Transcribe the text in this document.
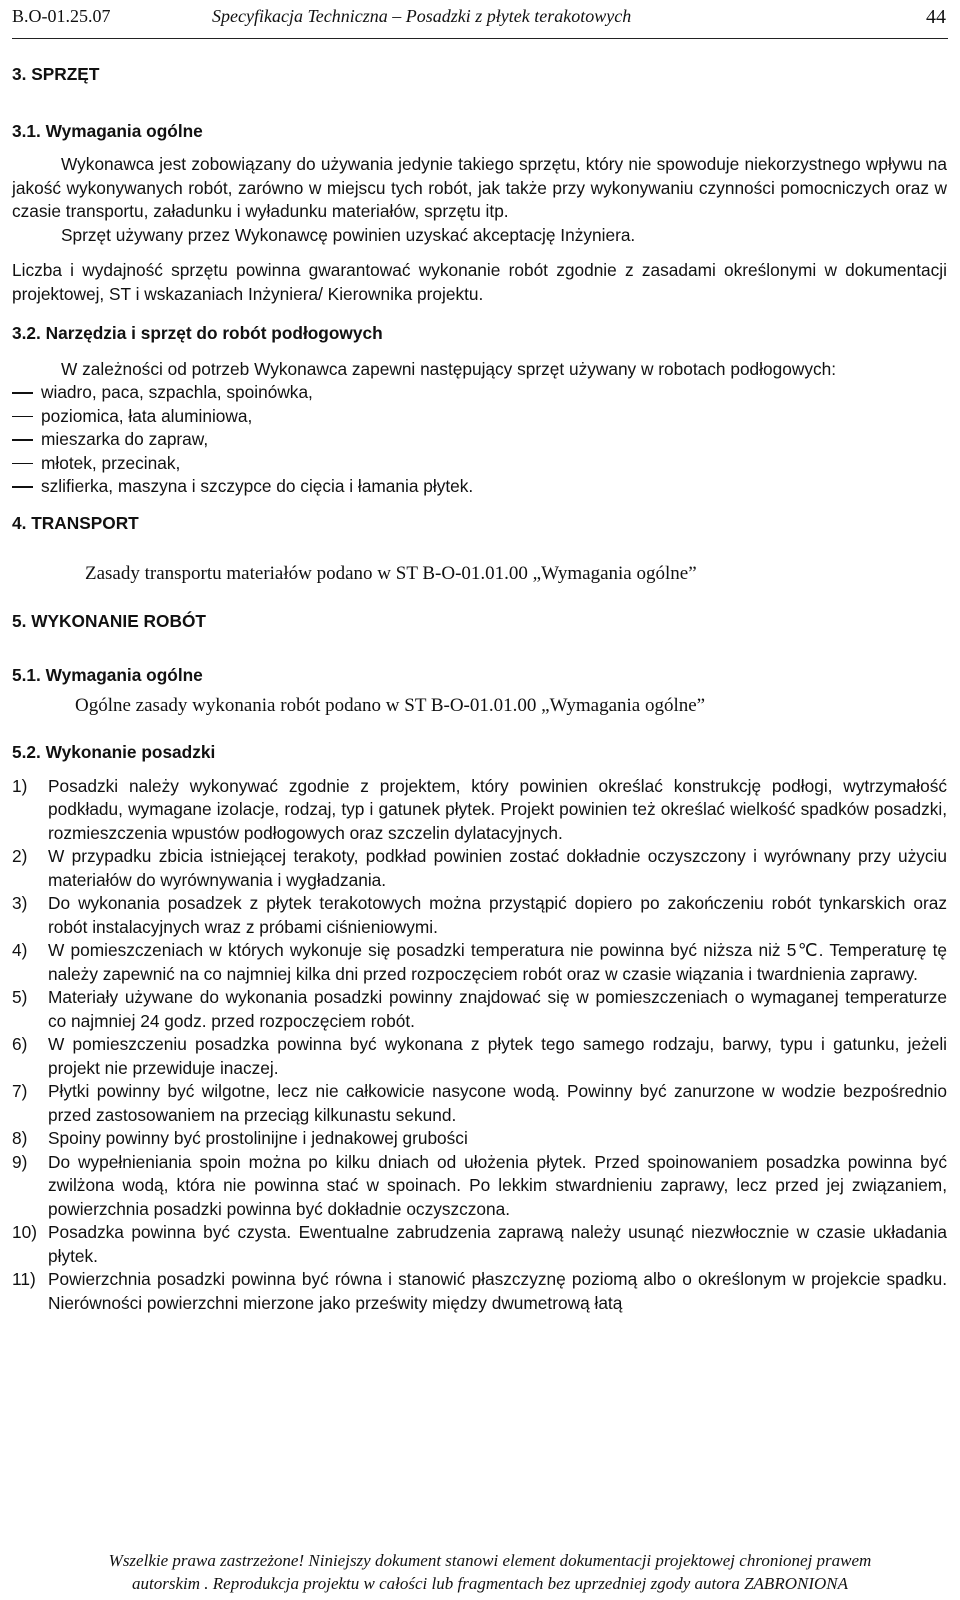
B.O-01.25.07	Specyfikacja Techniczna – Posadzki z płytek terakotowych	44
3. SPRZĘT
3.1. Wymagania ogólne

Wykonawca jest zobowiązany do używania jedynie takiego sprzętu, który nie spowoduje niekorzystnego wpływu na jakość wykonywanych robót, zarówno w miejscu tych robót, jak także przy wykonywaniu czynności pomocniczych oraz w czasie transportu, załadunku i wyładunku materiałów, sprzętu itp.

Sprzęt używany przez Wykonawcę powinien uzyskać akceptację Inżyniera.

Liczba i wydajność sprzętu powinna gwarantować wykonanie robót zgodnie z zasadami określonymi w dokumentacji projektowej, ST i wskazaniach Inżyniera/ Kierownika projektu.

3.2. Narzędzia i sprzęt do robót podłogowych

W zależności od potrzeb Wykonawca zapewni następujący sprzęt używany w robotach podłogowych:

wiadro, paca, szpachla, spoinówka,
poziomica, łata aluminiowa,
mieszarka do zapraw,
młotek, przecinak,
szlifierka, maszyna i szczypce do cięcia i łamania płytek.
4. TRANSPORT

Zasady transportu materiałów podano w ST B-O-01.01.00 „Wymagania ogólne”

5. WYKONANIE ROBÓT
5.1. Wymagania ogólne

Ogólne zasady wykonania robót podano w ST B-O-01.01.00 „Wymagania ogólne”

5.2. Wykonanie posadzki
1) Posadzki należy wykonywać zgodnie z projektem, który powinien określać konstrukcję podłogi, wytrzymałość podkładu, wymagane izolacje, rodzaj, typ i gatunek płytek. Projekt powinien też określać wielkość spadków posadzki, rozmieszczenia wpustów podłogowych oraz szczelin dylatacyjnych.
2) W przypadku zbicia istniejącej terakoty, podkład powinien zostać dokładnie oczyszczony i wyrównany przy użyciu materiałów do wyrównywania i wygładzania.
3) Do wykonania posadzek z płytek terakotowych można przystąpić dopiero po zakończeniu robót tynkarskich oraz robót instalacyjnych wraz z próbami ciśnieniowymi.
4) W pomieszczeniach w których wykonuje się posadzki temperatura nie powinna być niższa niż 5℃. Temperaturę tę należy zapewnić na co najmniej kilka dni przed rozpoczęciem robót oraz w czasie wiązania i twardnienia zaprawy.
5) Materiały używane do wykonania posadzki powinny znajdować się w pomieszczeniach o wymaganej temperaturze co najmniej 24 godz. przed rozpoczęciem robót.
6) W pomieszczeniu posadzka powinna być wykonana z płytek tego samego rodzaju, barwy, typu i gatunku, jeżeli projekt nie przewiduje inaczej.
7) Płytki powinny być wilgotne, lecz nie całkowicie nasycone wodą. Powinny być zanurzone w wodzie bezpośrednio przed zastosowaniem na przeciąg kilkunastu sekund.
8) Spoiny powinny być prostolinijne i jednakowej grubości
9) Do wypełnieniania spoin można po kilku dniach od ułożenia płytek. Przed spoinowaniem posadzka powinna być zwilżona wodą, która nie powinna stać w spoinach. Po lekkim stwardnieniu zaprawy, lecz przed jej związaniem, powierzchnia posadzki powinna być dokładnie oczyszczona.
10) Posadzka powinna być czysta. Ewentualne zabrudzenia zaprawą należy usunąć niezwłocznie w czasie układania płytek.
11) Powierzchnia posadzki powinna być równa i stanowić płaszczyznę poziomą albo o określonym w projekcie spadku. Nierówności powierzchni mierzone jako prześwity między dwumetrową łatą
Wszelkie prawa zastrzeżone! Niniejszy dokument stanowi element dokumentacji projektowej chronionej prawem
autorskim . Reprodukcja projektu w całości lub fragmentach bez uprzedniej zgody autora ZABRONIONA
